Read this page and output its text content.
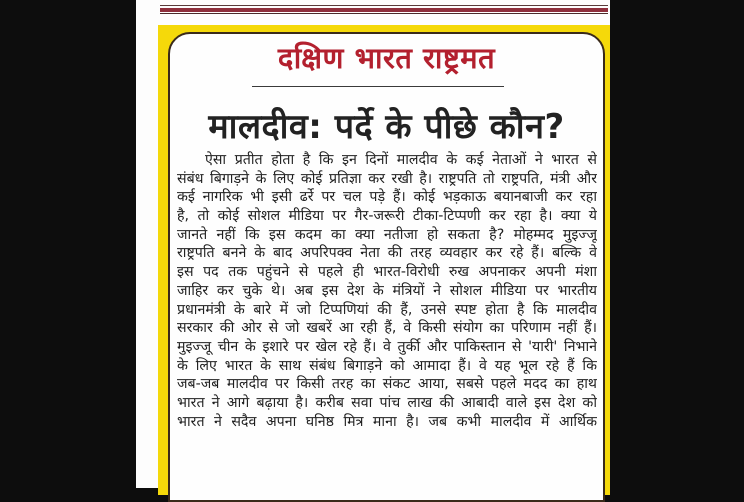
दक्षिण भारत राष्ट्रमत
मालदीव: पर्दे के पीछे कौन?
ऐसा प्रतीत होता है कि इन दिनों मालदीव के कई नेताओं ने भारत से
संबंध बिगाड़ने के लिए कोई प्रतिज्ञा कर रखी है। राष्ट्रपति तो राष्ट्रपति, मंत्री और
कई नागरिक भी इसी ढर्रे पर चल पड़े हैं। कोई भड़काऊ बयानबाजी कर रहा
है, तो कोई सोशल मीडिया पर गैर-जरूरी टीका-टिप्पणी कर रहा है। क्या ये
जानते नहीं कि इस कदम का क्या नतीजा हो सकता है? मोहम्मद मुइज्जू
राष्ट्रपति बनने के बाद अपरिपक्व नेता की तरह व्यवहार कर रहे हैं। बल्कि वे
इस पद तक पहुंचने से पहले ही भारत-विरोधी रुख अपनाकर अपनी मंशा
जाहिर कर चुके थे। अब इस देश के मंत्रियों ने सोशल मीडिया पर भारतीय
प्रधानमंत्री के बारे में जो टिप्पणियां की हैं, उनसे स्पष्ट होता है कि मालदीव
सरकार की ओर से जो खबरें आ रही हैं, वे किसी संयोग का परिणाम नहीं हैं।
मुइज्जू चीन के इशारे पर खेल रहे हैं। वे तुर्की और पाकिस्तान से 'यारी' निभाने
के लिए भारत के साथ संबंध बिगाड़ने को आमादा हैं। वे यह भूल रहे हैं कि
जब-जब मालदीव पर किसी तरह का संकट आया, सबसे पहले मदद का हाथ
भारत ने आगे बढ़ाया है। करीब सवा पांच लाख की आबादी वाले इस देश को
भारत ने सदैव अपना घनिष्ठ मित्र माना है। जब कभी मालदीव में आर्थिक
